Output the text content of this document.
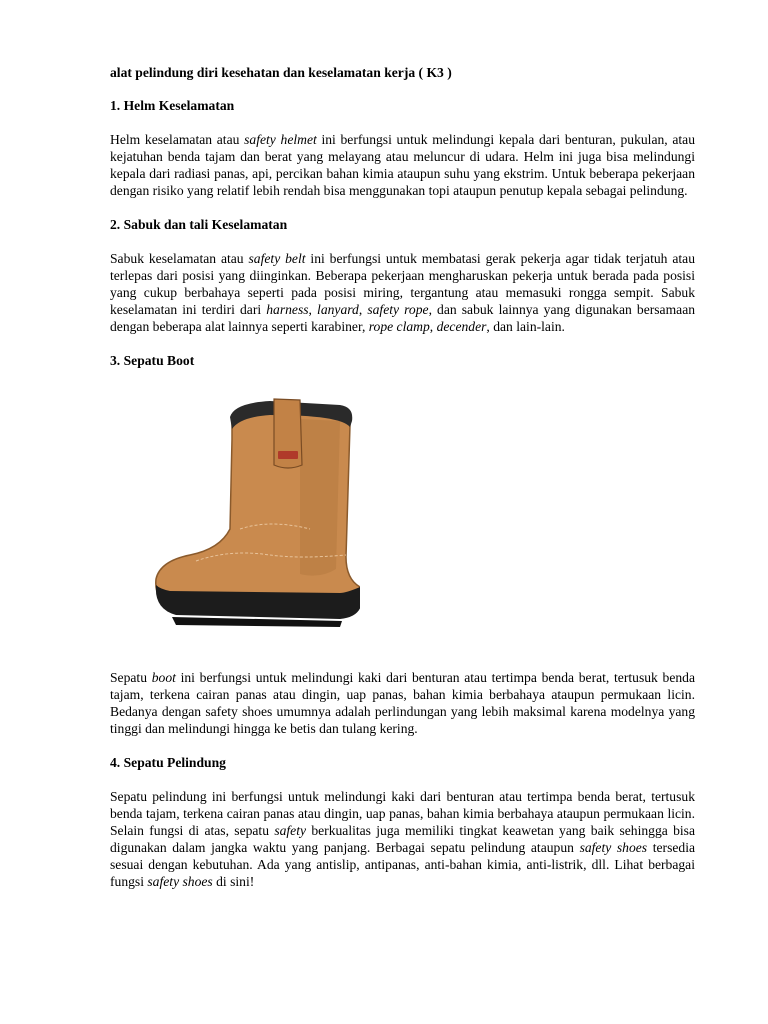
alat pelindung diri kesehatan dan keselamatan kerja ( K3 )

1. Helm Keselamatan

Helm keselamatan atau safety helmet ini berfungsi untuk melindungi kepala dari benturan, pukulan, atau kejatuhan benda tajam dan berat yang melayang atau meluncur di udara. Helm ini juga bisa melindungi kepala dari radiasi panas, api, percikan bahan kimia ataupun suhu yang ekstrim. Untuk beberapa pekerjaan dengan risiko yang relatif lebih rendah bisa menggunakan topi ataupun penutup kepala sebagai pelindung.

2. Sabuk dan tali Keselamatan

Sabuk keselamatan atau safety belt ini berfungsi untuk membatasi gerak pekerja agar tidak terjatuh atau terlepas dari posisi yang diinginkan. Beberapa pekerjaan mengharuskan pekerja untuk berada pada posisi yang cukup berbahaya seperti pada posisi miring, tergantung atau memasuki rongga sempit. Sabuk keselamatan ini terdiri dari harness, lanyard, safety rope, dan sabuk lainnya yang digunakan bersamaan dengan beberapa alat lainnya seperti karabiner, rope clamp, decender, dan lain-lain.

3. Sepatu Boot

Sepatu boot ini berfungsi untuk melindungi kaki dari benturan atau tertimpa benda berat, tertusuk benda tajam, terkena cairan panas atau dingin, uap panas, bahan kimia berbahaya ataupun permukaan licin. Bedanya dengan safety shoes umumnya adalah perlindungan yang lebih maksimal karena modelnya yang tinggi dan melindungi hingga ke betis dan tulang kering.

4. Sepatu Pelindung

Sepatu pelindung ini berfungsi untuk melindungi kaki dari benturan atau tertimpa benda berat, tertusuk benda tajam, terkena cairan panas atau dingin, uap panas, bahan kimia berbahaya ataupun permukaan licin. Selain fungsi di atas, sepatu safety berkualitas juga memiliki tingkat keawetan yang baik sehingga bisa digunakan dalam jangka waktu yang panjang. Berbagai sepatu pelindung ataupun safety shoes tersedia sesuai dengan kebutuhan. Ada yang antislip, antipanas, anti-bahan kimia, anti-listrik, dll. Lihat berbagai fungsi safety shoes di sini!
